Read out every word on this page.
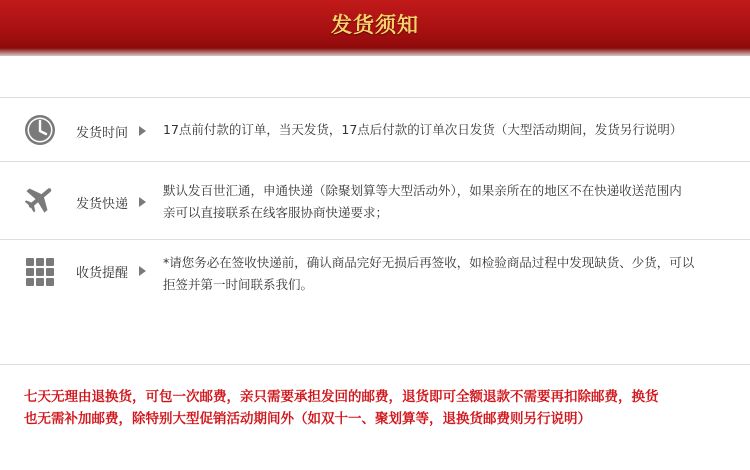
发货须知
发货时间	17点前付款的订单，当天发货，17点后付款的订单次日发货（大型活动期间，发货另行说明）
发货快递
默认发百世汇通，申通快递（除聚划算等大型活动外），如果亲所在的地区不在快递收送范围内
亲可以直接联系在线客服协商快递要求；
收货提醒
*请您务必在签收快递前，确认商品完好无损后再签收，如检验商品过程中发现缺货、少货，可以
拒签并第一时间联系我们。
七天无理由退换货，可包一次邮费，亲只需要承担发回的邮费，退货即可全额退款不需要再扣除邮费，换货
也无需补加邮费，除特别大型促销活动期间外（如双十一、聚划算等，退换货邮费则另行说明）
